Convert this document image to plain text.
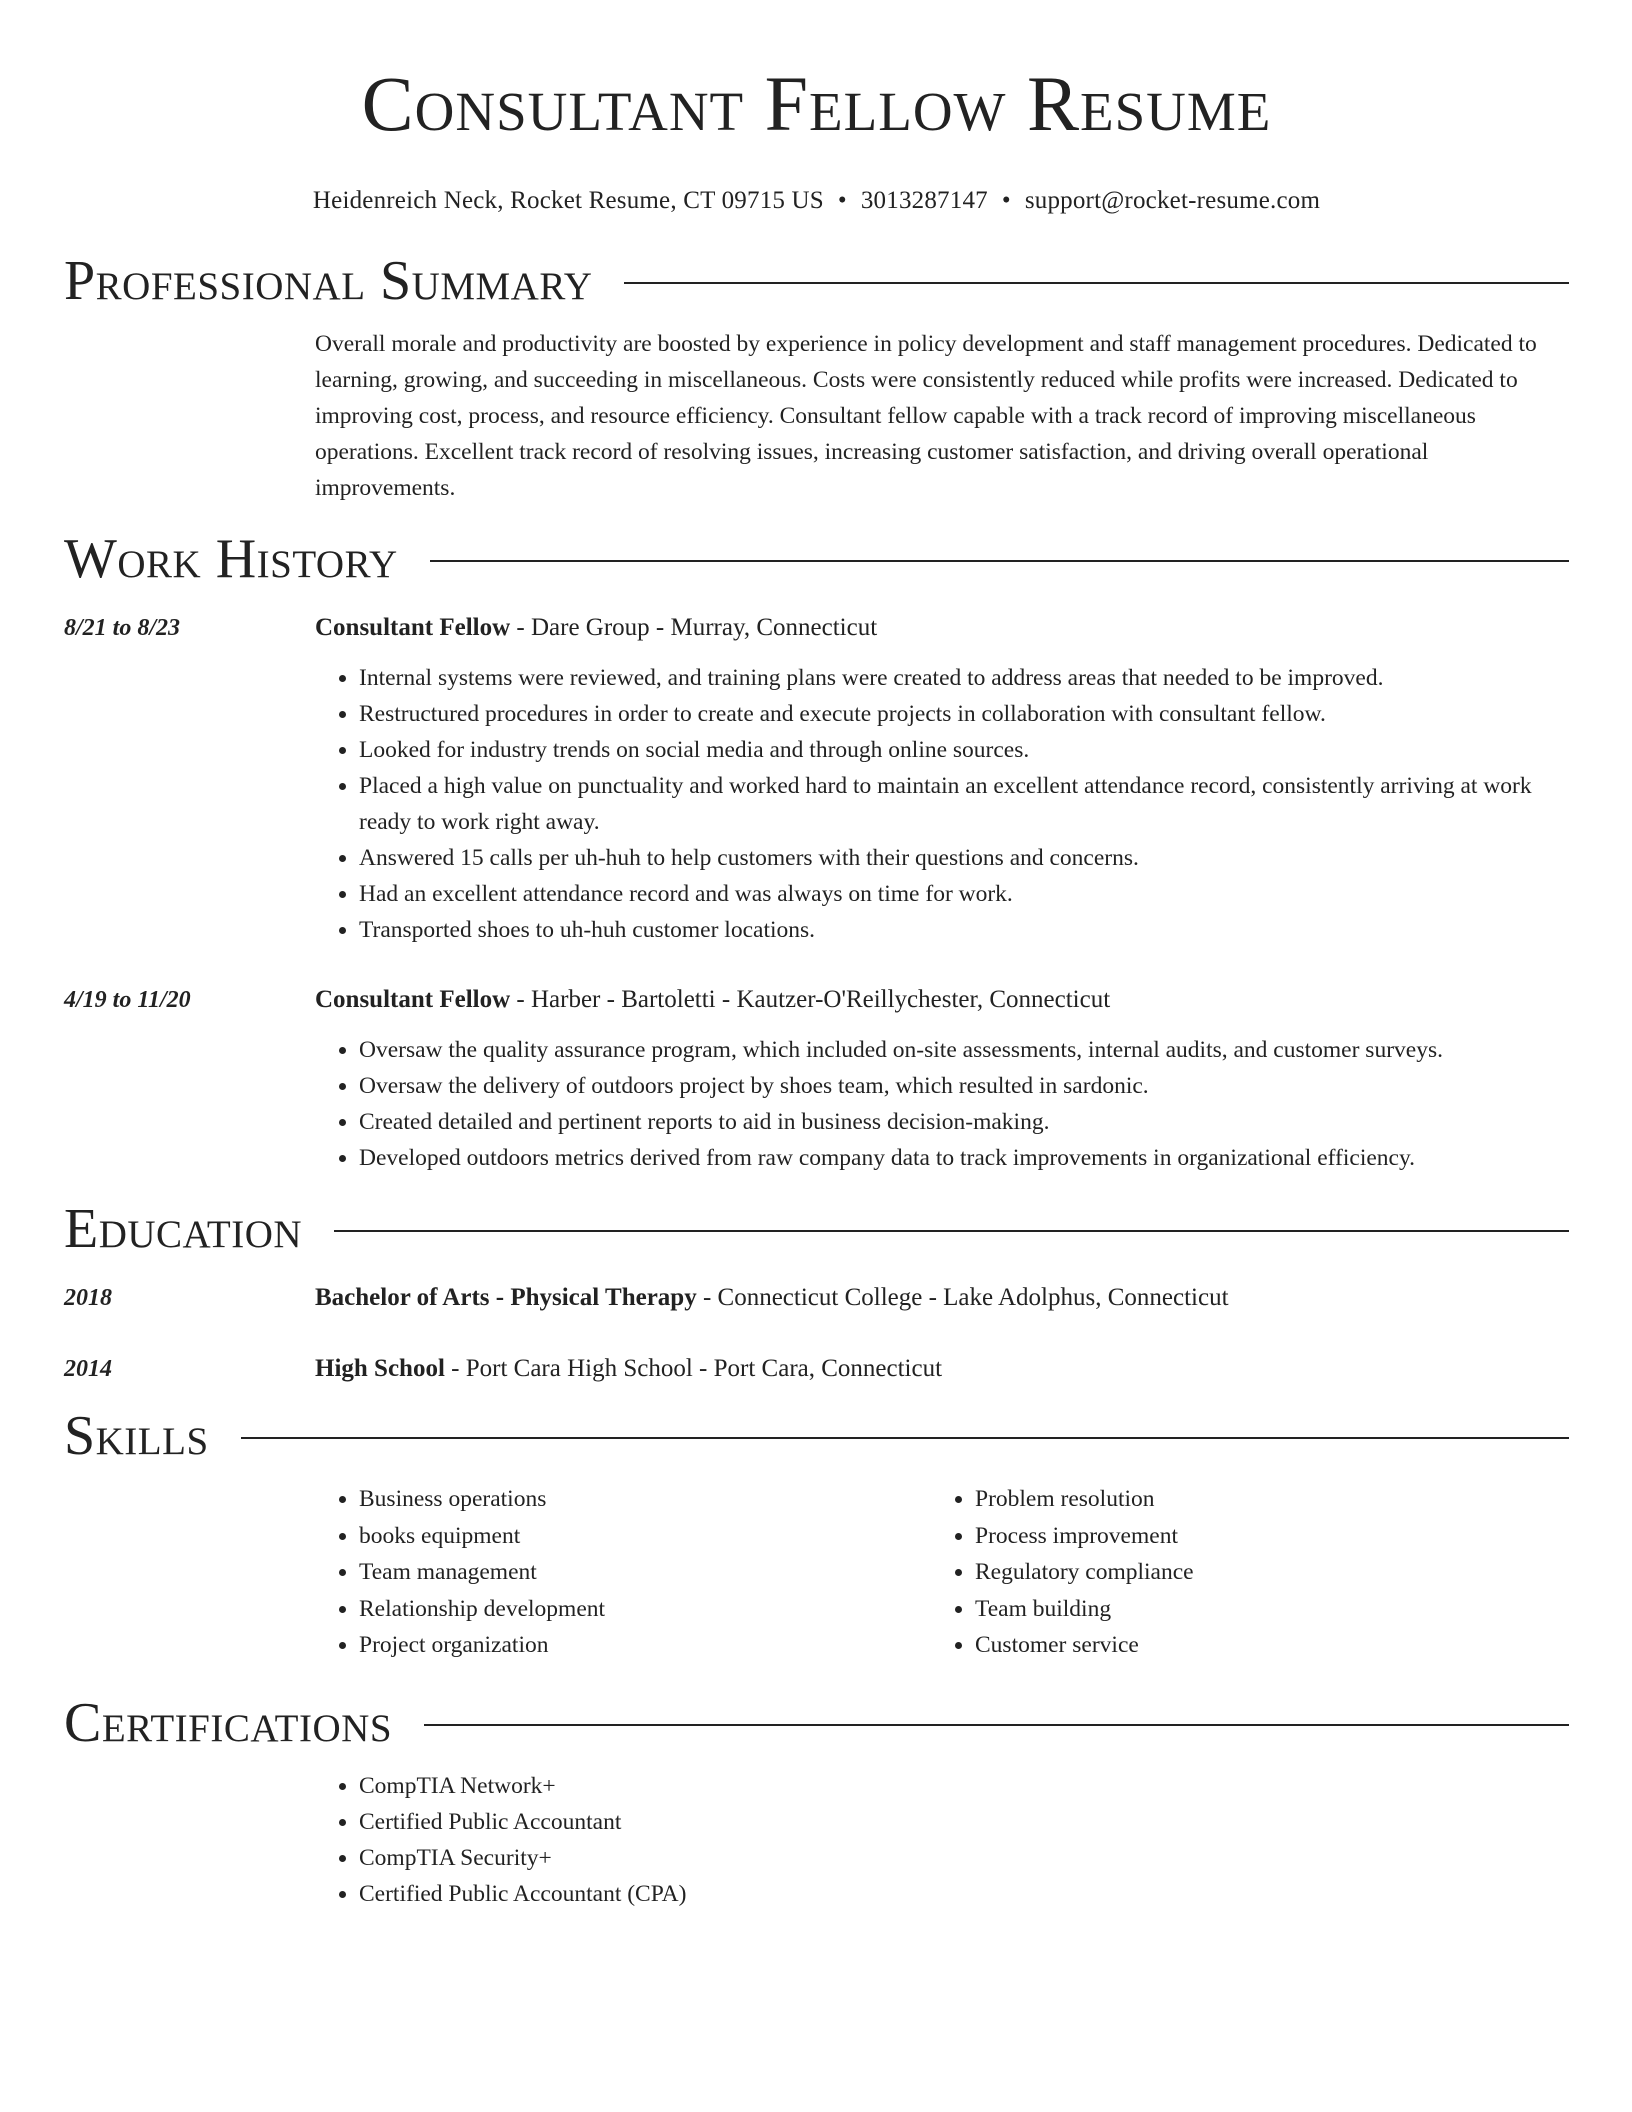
Consultant Fellow Resume
Heidenreich Neck, Rocket Resume, CT 09715 US • 3013287147 • support@rocket-resume.com
Professional Summary
Overall morale and productivity are boosted by experience in policy development and staff management procedures. Dedicated to learning, growing, and succeeding in miscellaneous. Costs were consistently reduced while profits were increased. Dedicated to improving cost, process, and resource efficiency. Consultant fellow capable with a track record of improving miscellaneous operations. Excellent track record of resolving issues, increasing customer satisfaction, and driving overall operational improvements.
Work History
8/21 to 8/23	Consultant Fellow - Dare Group - Murray, Connecticut
• Internal systems were reviewed, and training plans were created to address areas that needed to be improved.
• Restructured procedures in order to create and execute projects in collaboration with consultant fellow.
• Looked for industry trends on social media and through online sources.
• Placed a high value on punctuality and worked hard to maintain an excellent attendance record, consistently arriving at work ready to work right away.
• Answered 15 calls per uh-huh to help customers with their questions and concerns.
• Had an excellent attendance record and was always on time for work.
• Transported shoes to uh-huh customer locations.
4/19 to 11/20	Consultant Fellow - Harber - Bartoletti - Kautzer-O'Reillychester, Connecticut
• Oversaw the quality assurance program, which included on-site assessments, internal audits, and customer surveys.
• Oversaw the delivery of outdoors project by shoes team, which resulted in sardonic.
• Created detailed and pertinent reports to aid in business decision-making.
• Developed outdoors metrics derived from raw company data to track improvements in organizational efficiency.
Education
2018	Bachelor of Arts - Physical Therapy - Connecticut College - Lake Adolphus, Connecticut
2014	High School - Port Cara High School - Port Cara, Connecticut
Skills
• Business operations
• books equipment
• Team management
• Relationship development
• Project organization
• Problem resolution
• Process improvement
• Regulatory compliance
• Team building
• Customer service
Certifications
• CompTIA Network+
• Certified Public Accountant
• CompTIA Security+
• Certified Public Accountant (CPA)
